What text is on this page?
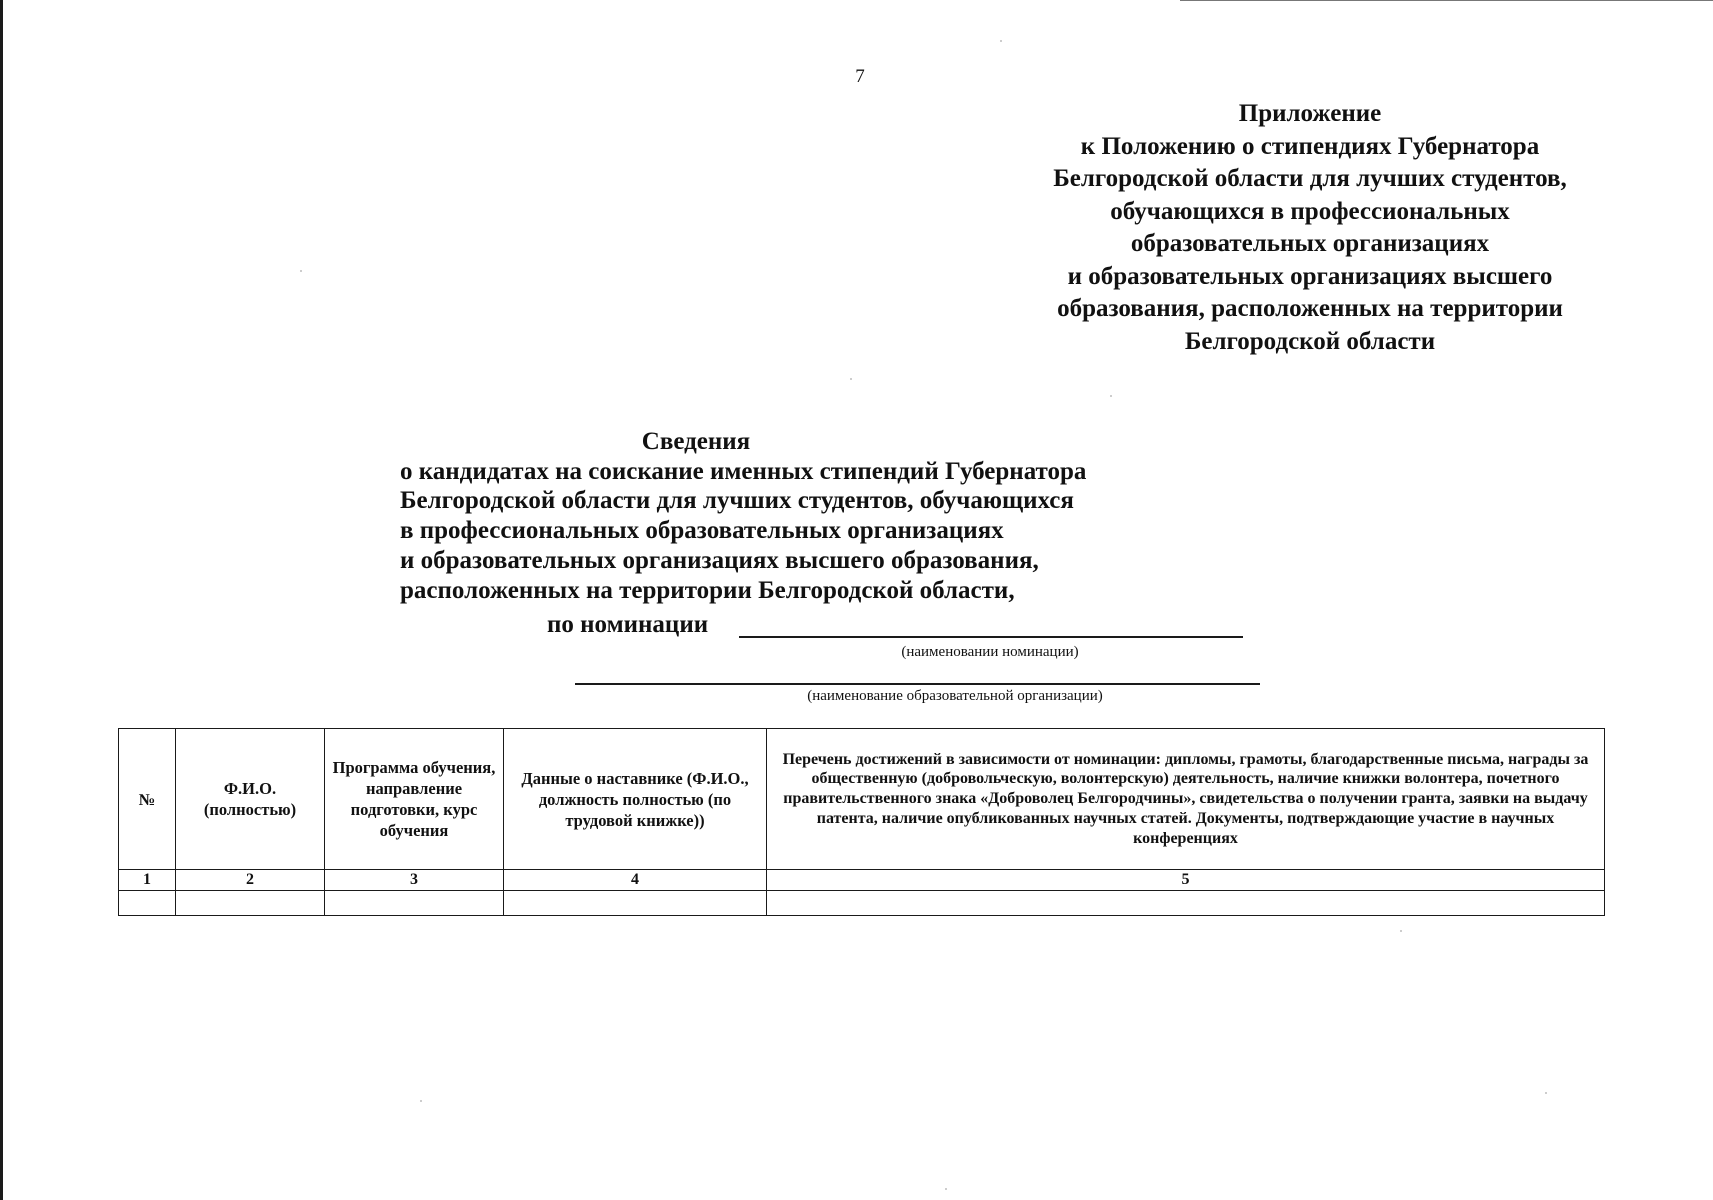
7
Приложение
к Положению о стипендиях Губернатора
Белгородской области для лучших студентов,
обучающихся в профессиональных
образовательных организациях
и образовательных организациях высшего
образования, расположенных на территории
Белгородской области
Сведения
о кандидатах на соискание именных стипендий Губернатора
Белгородской области для лучших студентов, обучающихся
в профессиональных образовательных организациях
и образовательных организациях высшего образования,
расположенных на территории Белгородской области,
по номинации
(наименовании номинации)
(наименование образовательной организации)
№	Ф.И.О. (полностью)	Программа обучения, направление подготовки, курс обучения	Данные о наставнике (Ф.И.О., должность полностью (по трудовой книжке))	Перечень достижений в зависимости от номинации: дипломы, грамоты, благодарственные письма, награды за общественную (добровольческую, волонтерскую) деятельность, наличие книжки волонтера, почетного правительственного знака «Доброволец Белгородчины», свидетельства о получении гранта, заявки на выдачу патента, наличие опубликованных научных статей. Документы, подтверждающие участие в научных конференциях
1	2	3	4	5
